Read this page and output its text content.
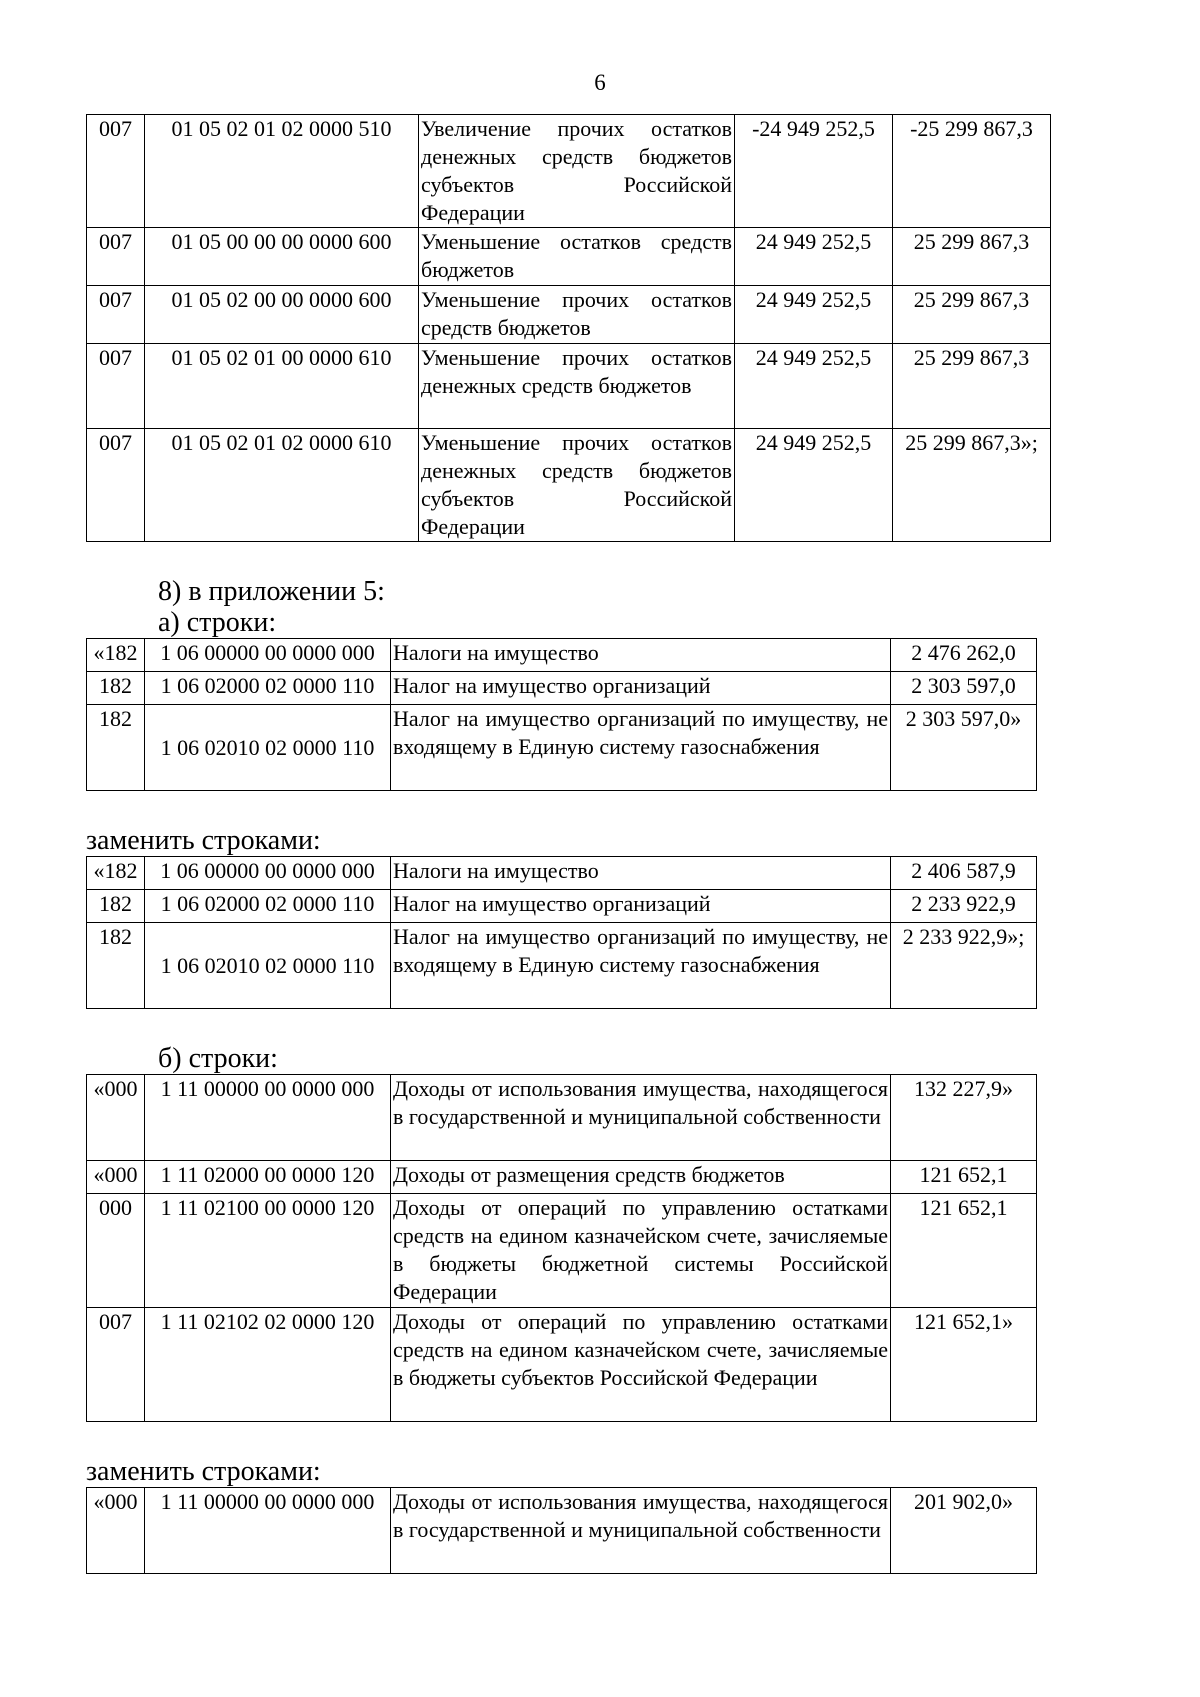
6
007	01 05 02 01 02 0000 510	Увеличение прочих остатков денежных средств бюджетов субъектов Российской Федерации	-24 949 252,5	-25 299 867,3
007	01 05 00 00 00 0000 600	Уменьшение остатков средств бюджетов	24 949 252,5	25 299 867,3
007	01 05 02 00 00 0000 600	Уменьшение прочих остатков средств бюджетов	24 949 252,5	25 299 867,3
007	01 05 02 01 00 0000 610	Уменьшение прочих остатков денежных средств бюджетов	24 949 252,5	25 299 867,3
007	01 05 02 01 02 0000 610	Уменьшение прочих остатков денежных средств бюджетов субъектов Российской Федерации	24 949 252,5	25 299 867,3»;
8) в приложении 5:
а) строки:
«182	1 06 00000 00 0000 000	Налоги на имущество	2 476 262,0
182	1 06 02000 02 0000 110	Налог на имущество организаций	2 303 597,0
182	1 06 02010 02 0000 110	Налог на имущество организаций по имуществу, не входящему в Единую систему газоснабжения	2 303 597,0»
заменить строками:
«182	1 06 00000 00 0000 000	Налоги на имущество	2 406 587,9
182	1 06 02000 02 0000 110	Налог на имущество организаций	2 233 922,9
182	1 06 02010 02 0000 110	Налог на имущество организаций по имуществу, не входящему в Единую систему газоснабжения	2 233 922,9»;
б) строки:
«000	1 11 00000 00 0000 000	Доходы от использования имущества, находящегося в государственной и муниципальной собственности	132 227,9»
«000	1 11 02000 00 0000 120	Доходы от размещения средств бюджетов	121 652,1
000	1 11 02100 00 0000 120	Доходы от операций по управлению остатками средств на едином казначейском счете, зачисляемые в бюджеты бюджетной системы Российской Федерации	121 652,1
007	1 11 02102 02 0000 120	Доходы от операций по управлению остатками средств на едином казначейском счете, зачисляемые в бюджеты субъектов Российской Федерации	121 652,1»
заменить строками:
«000	1 11 00000 00 0000 000	Доходы от использования имущества, находящегося в государственной и муниципальной собственности	201 902,0»
